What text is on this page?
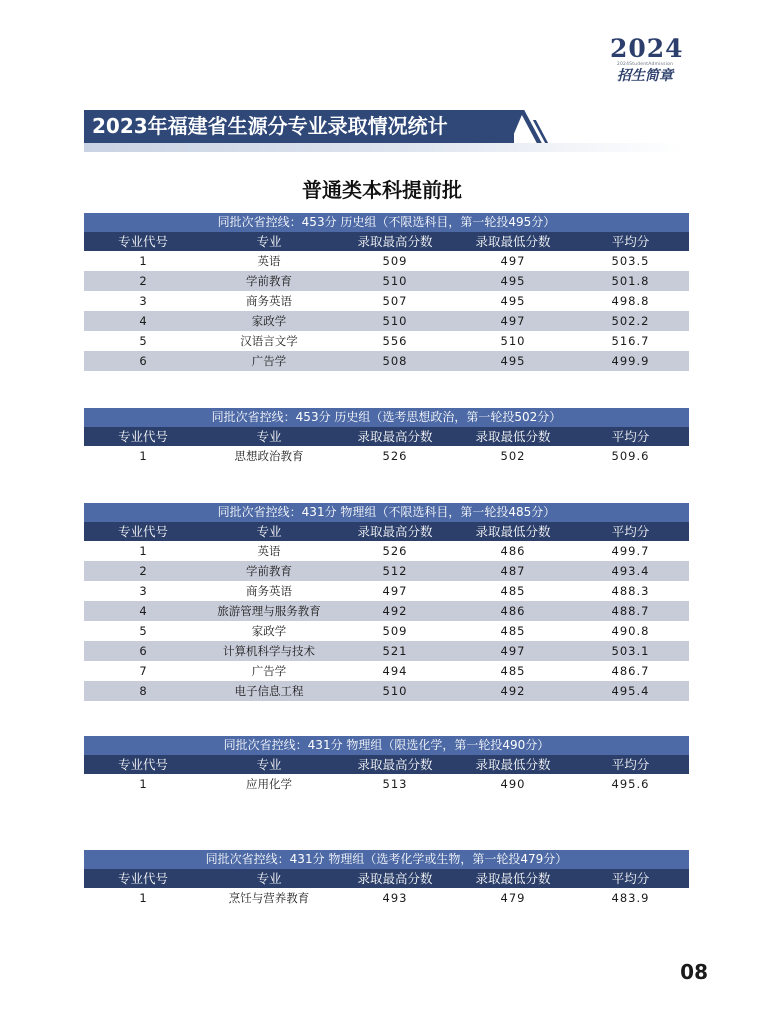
2024
2024StudentAdmission
招生简章
2023年福建省生源分专业录取情况统计
普通类本科提前批
同批次省控线：453分 历史组（不限选科目，第一轮投495分）
专业代号	专业	录取最高分数	录取最低分数	平均分
1	英语	509	497	503.5
2	学前教育	510	495	501.8
3	商务英语	507	495	498.8
4	家政学	510	497	502.2
5	汉语言文学	556	510	516.7
6	广告学	508	495	499.9
同批次省控线：453分 历史组（选考思想政治，第一轮投502分）
专业代号	专业	录取最高分数	录取最低分数	平均分
1	思想政治教育	526	502	509.6
同批次省控线：431分 物理组（不限选科目，第一轮投485分）
专业代号	专业	录取最高分数	录取最低分数	平均分
1	英语	526	486	499.7
2	学前教育	512	487	493.4
3	商务英语	497	485	488.3
4	旅游管理与服务教育	492	486	488.7
5	家政学	509	485	490.8
6	计算机科学与技术	521	497	503.1
7	广告学	494	485	486.7
8	电子信息工程	510	492	495.4
同批次省控线：431分 物理组（限选化学，第一轮投490分）
专业代号	专业	录取最高分数	录取最低分数	平均分
1	应用化学	513	490	495.6
同批次省控线：431分 物理组（选考化学或生物，第一轮投479分）
专业代号	专业	录取最高分数	录取最低分数	平均分
1	烹饪与营养教育	493	479	483.9
08
